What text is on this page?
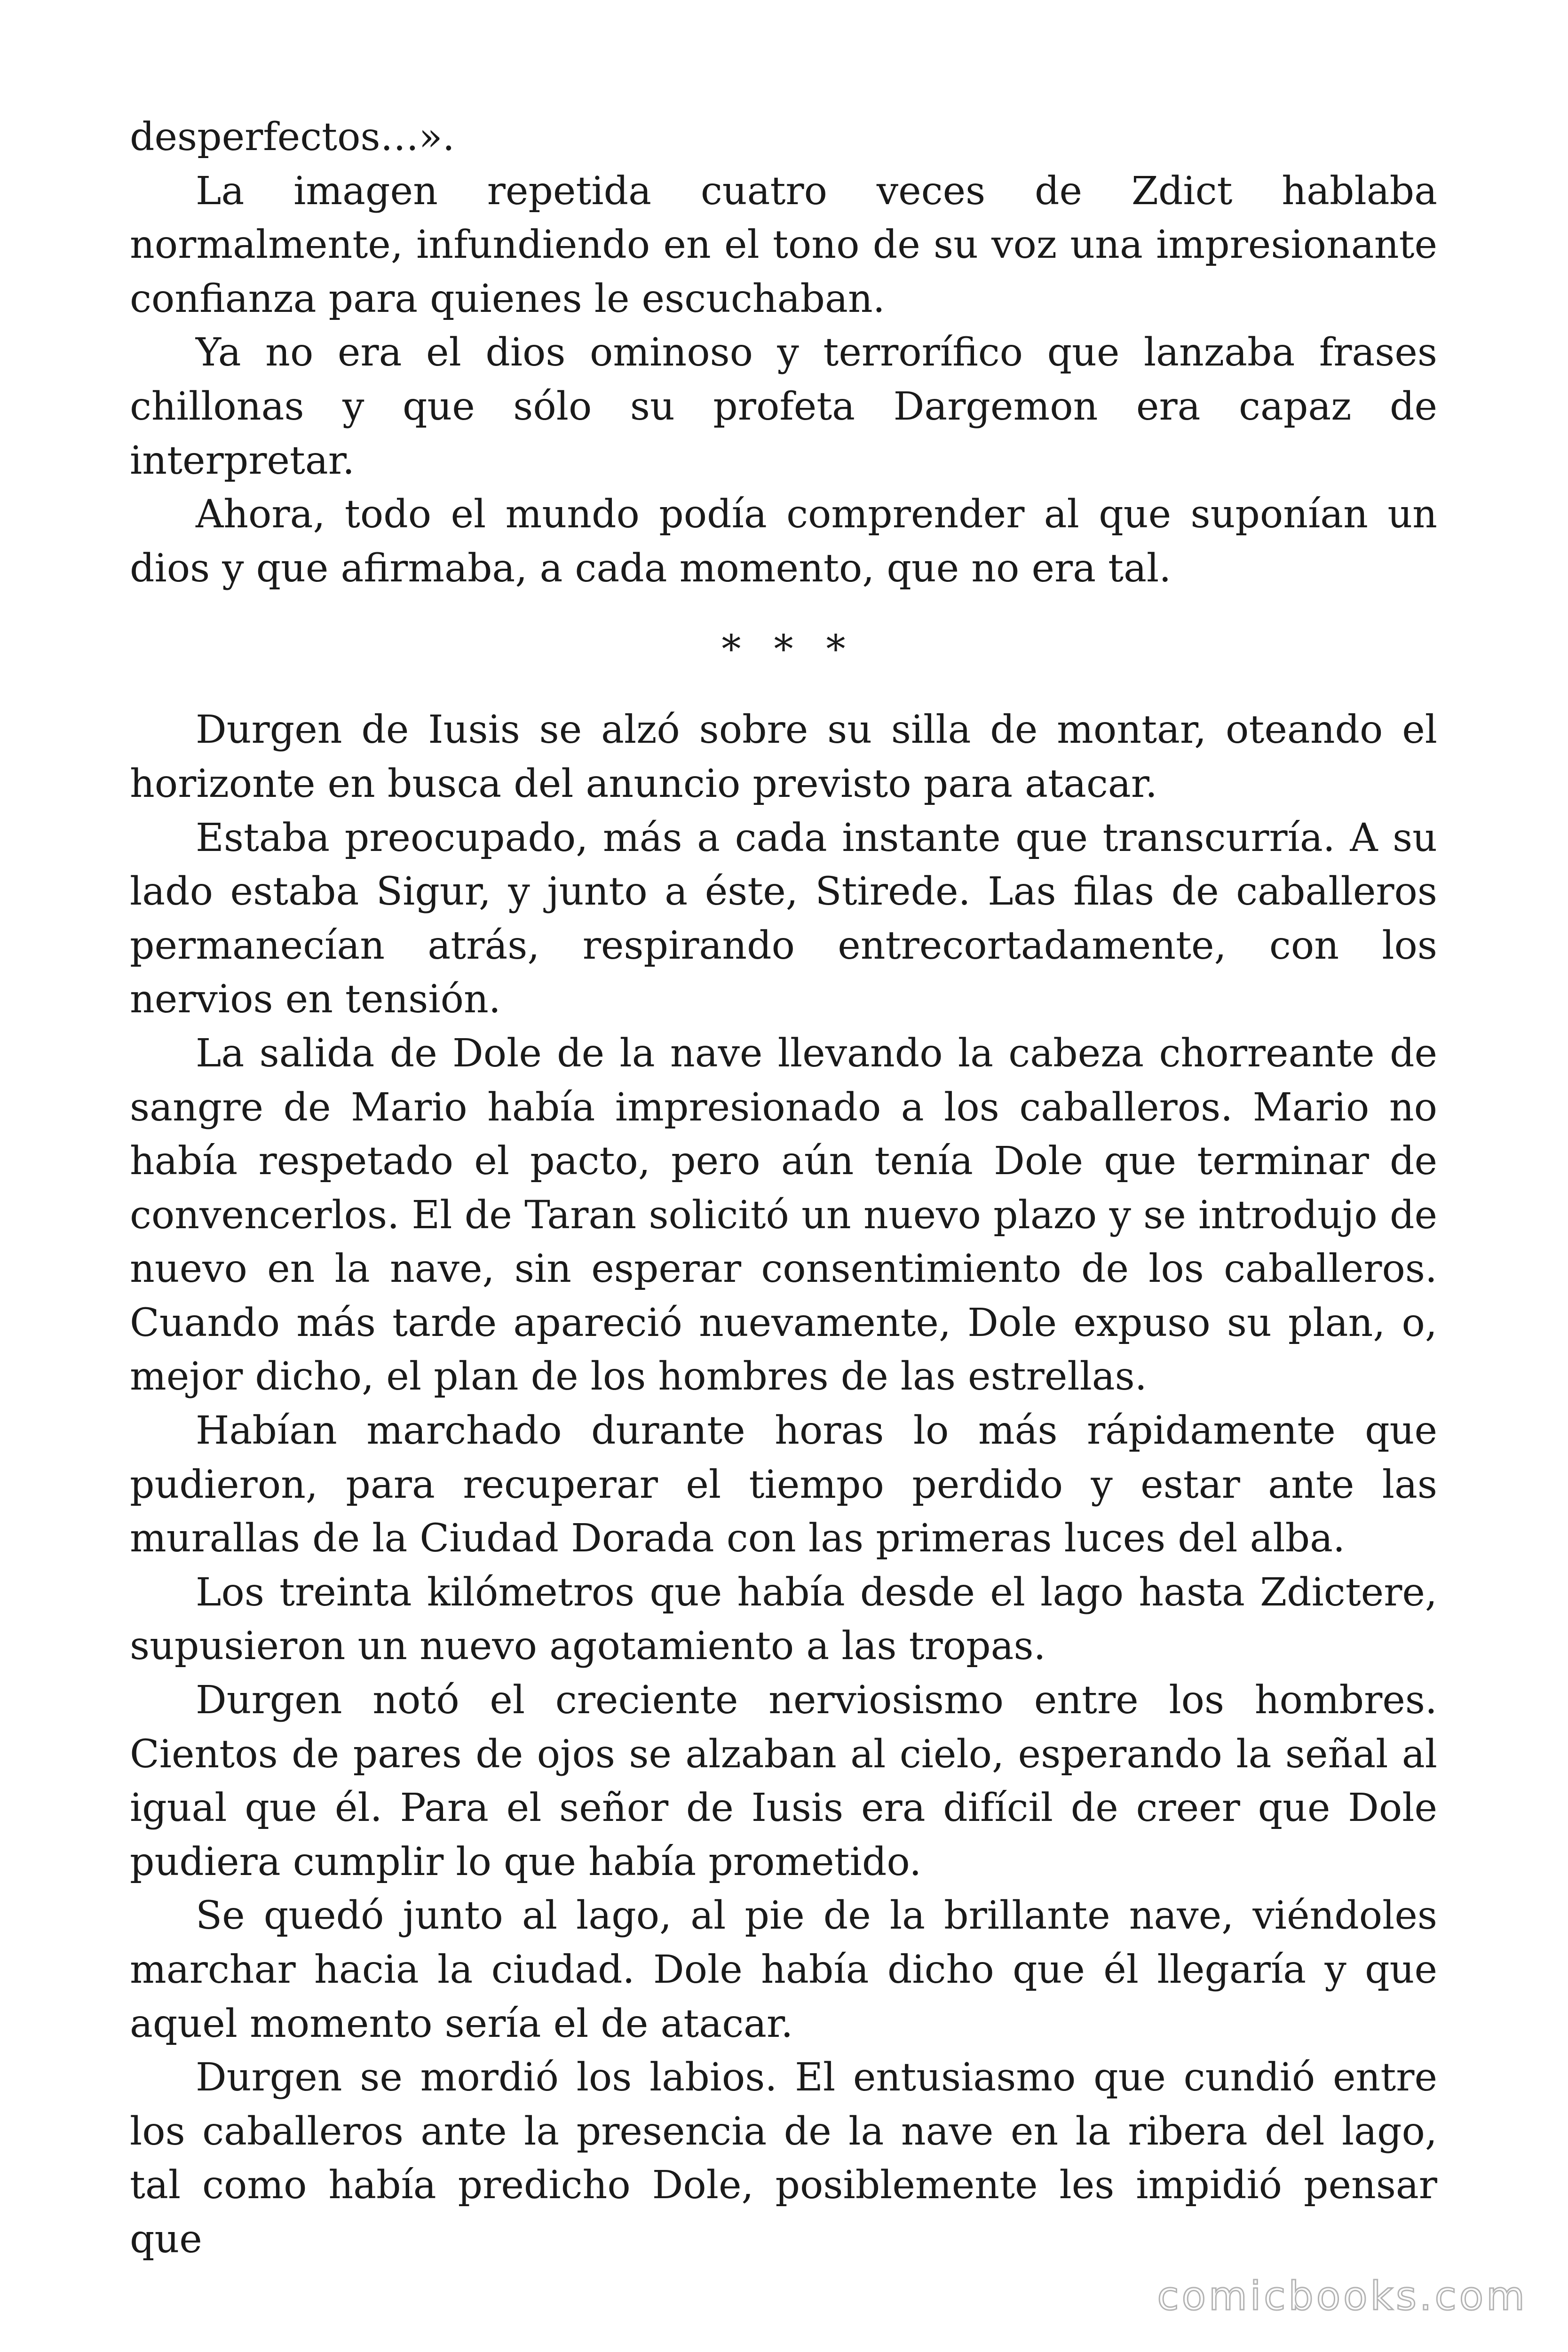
desperfectos…».

La imagen repetida cuatro veces de Zdict hablaba normalmente, infundiendo en el tono de su voz una impresionante confianza para quienes le escuchaban.

Ya no era el dios ominoso y terrorífico que lanzaba frases chillonas y que sólo su profeta Dargemon era capaz de interpretar.

Ahora, todo el mundo podía comprender al que suponían un dios y que afirmaba, a cada momento, que no era tal.

* * *

Durgen de Iusis se alzó sobre su silla de montar, oteando el horizonte en busca del anuncio previsto para atacar.

Estaba preocupado, más a cada instante que transcurría. A su lado estaba Sigur, y junto a éste, Stirede. Las filas de caballeros permanecían atrás, respirando entrecortadamente, con los nervios en tensión.

La salida de Dole de la nave llevando la cabeza chorreante de sangre de Mario había impresionado a los caballeros. Mario no había respetado el pacto, pero aún tenía Dole que terminar de convencerlos. El de Taran solicitó un nuevo plazo y se introdujo de nuevo en la nave, sin esperar consentimiento de los caballeros. Cuando más tarde apareció nuevamente, Dole expuso su plan, o, mejor dicho, el plan de los hombres de las estrellas.

Habían marchado durante horas lo más rápidamente que pudieron, para recuperar el tiempo perdido y estar ante las murallas de la Ciudad Dorada con las primeras luces del alba.

Los treinta kilómetros que había desde el lago hasta Zdictere, supusieron un nuevo agotamiento a las tropas.

Durgen notó el creciente nerviosismo entre los hombres. Cientos de pares de ojos se alzaban al cielo, esperando la señal al igual que él. Para el señor de Iusis era difícil de creer que Dole pudiera cumplir lo que había prometido.

Se quedó junto al lago, al pie de la brillante nave, viéndoles marchar hacia la ciudad. Dole había dicho que él llegaría y que aquel momento sería el de atacar.

Durgen se mordió los labios. El entusiasmo que cundió entre los caballeros ante la presencia de la nave en la ribera del lago, tal como había predicho Dole, posiblemente les impidió pensar que

comicbooks.com
